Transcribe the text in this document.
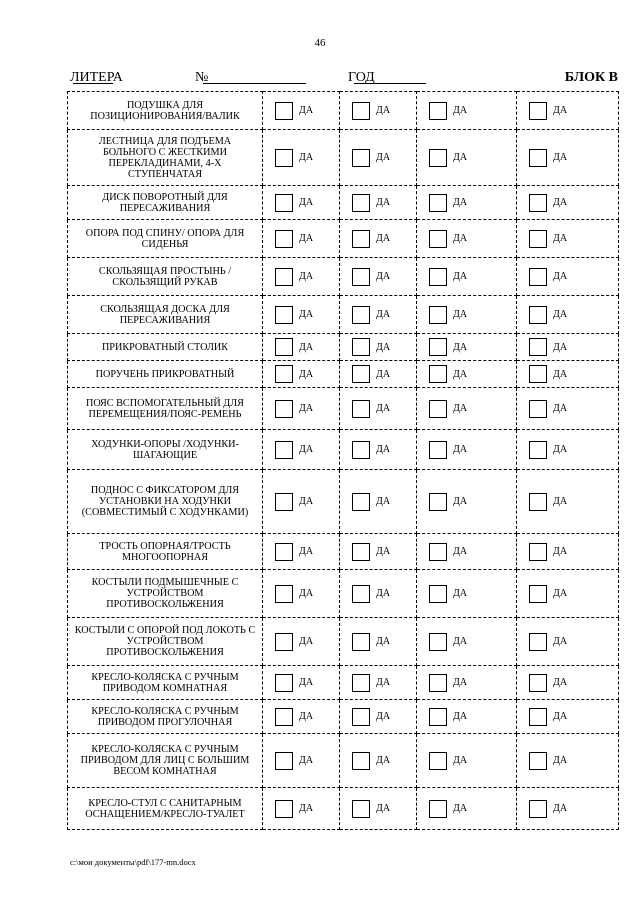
46
ЛИТЕРА	№	ГОД	БЛОК В
ПОДУШКА ДЛЯ ПОЗИЦИОНИРОВАНИЯ/ВАЛИК	ДА	ДА	ДА	ДА
ЛЕСТНИЦА ДЛЯ ПОДЪЕМА БОЛЬНОГО С ЖЕСТКИМИ ПЕРЕКЛАДИНАМИ, 4-Х СТУПЕНЧАТАЯ	ДА	ДА	ДА	ДА
ДИСК ПОВОРОТНЫЙ ДЛЯ ПЕРЕСАЖИВАНИЯ	ДА	ДА	ДА	ДА
ОПОРА ПОД СПИНУ/ ОПОРА ДЛЯ СИДЕНЬЯ	ДА	ДА	ДА	ДА
СКОЛЬЗЯЩАЯ ПРОСТЫНЬ /СКОЛЬЗЯЩИЙ РУКАВ	ДА	ДА	ДА	ДА
СКОЛЬЗЯЩАЯ ДОСКА ДЛЯ ПЕРЕСАЖИВАНИЯ	ДА	ДА	ДА	ДА
ПРИКРОВАТНЫЙ СТОЛИК	ДА	ДА	ДА	ДА
ПОРУЧЕНЬ ПРИКРОВАТНЫЙ	ДА	ДА	ДА	ДА
ПОЯС ВСПОМОГАТЕЛЬНЫЙ ДЛЯ ПЕРЕМЕЩЕНИЯ/ПОЯС-РЕМЕНЬ	ДА	ДА	ДА	ДА
ХОДУНКИ-ОПОРЫ /ХОДУНКИ-ШАГАЮЩИЕ	ДА	ДА	ДА	ДА
ПОДНОС С ФИКСАТОРОМ ДЛЯ УСТАНОВКИ НА ХОДУНКИ (СОВМЕСТИМЫЙ С ХОДУНКАМИ)	ДА	ДА	ДА	ДА
ТРОСТЬ ОПОРНАЯ/ТРОСТЬ МНОГООПОРНАЯ	ДА	ДА	ДА	ДА
КОСТЫЛИ ПОДМЫШЕЧНЫЕ С УСТРОЙСТВОМ ПРОТИВОСКОЛЬЖЕНИЯ	ДА	ДА	ДА	ДА
КОСТЫЛИ С ОПОРОЙ ПОД ЛОКОТЬ С УСТРОЙСТВОМ ПРОТИВОСКОЛЬЖЕНИЯ	ДА	ДА	ДА	ДА
КРЕСЛО-КОЛЯСКА С РУЧНЫМ ПРИВОДОМ КОМНАТНАЯ	ДА	ДА	ДА	ДА
КРЕСЛО-КОЛЯСКА С РУЧНЫМ ПРИВОДОМ ПРОГУЛОЧНАЯ	ДА	ДА	ДА	ДА
КРЕСЛО-КОЛЯСКА С РУЧНЫМ ПРИВОДОМ ДЛЯ ЛИЦ С БОЛЬШИМ ВЕСОМ КОМНАТНАЯ	ДА	ДА	ДА	ДА
КРЕСЛО-СТУЛ С САНИТАРНЫМ ОСНАЩЕНИЕМ/КРЕСЛО-ТУАЛЕТ	ДА	ДА	ДА	ДА
c:\мои документы\pdf\177-mn.docx
